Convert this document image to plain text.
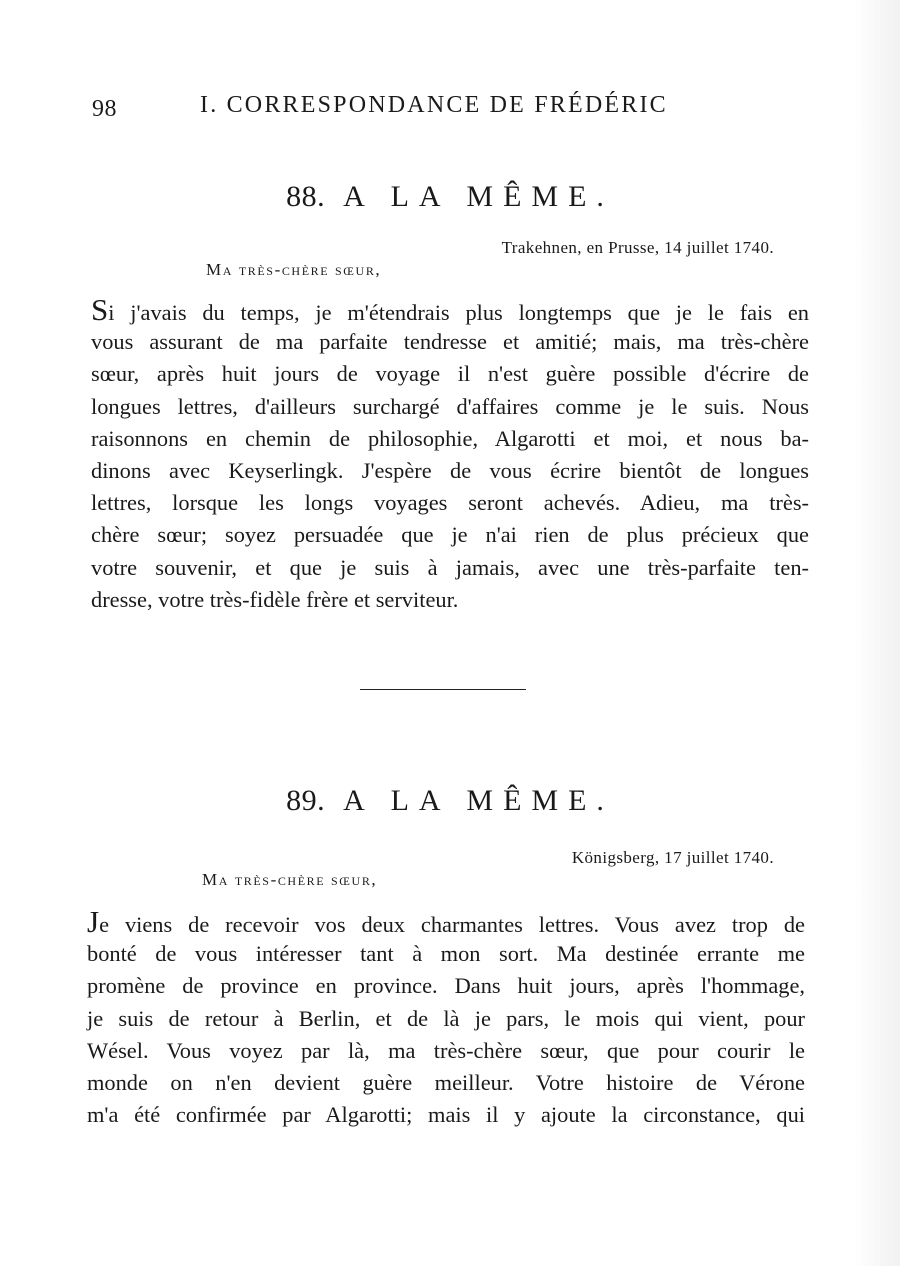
98	I. CORRESPONDANCE DE FRÉDÉRIC
88. A LA MÊME.
Trakehnen, en Prusse, 14 juillet 1740.
Ma très-chère sœur,
Si j'avais du temps, je m'étendrais plus longtemps que je le fais en
vous assurant de ma parfaite tendresse et amitié; mais, ma très-chère
sœur, après huit jours de voyage il n'est guère possible d'écrire de
longues lettres, d'ailleurs surchargé d'affaires comme je le suis. Nous
raisonnons en chemin de philosophie, Algarotti et moi, et nous ba-
dinons avec Keyserlingk. J'espère de vous écrire bientôt de longues
lettres, lorsque les longs voyages seront achevés. Adieu, ma très-
chère sœur; soyez persuadée que je n'ai rien de plus précieux que
votre souvenir, et que je suis à jamais, avec une très-parfaite ten-
dresse, votre très-fidèle frère et serviteur.
89. A LA MÊME.
Königsberg, 17 juillet 1740.
Ma très-chère sœur,
Je viens de recevoir vos deux charmantes lettres. Vous avez trop de
bonté de vous intéresser tant à mon sort. Ma destinée errante me
promène de province en province. Dans huit jours, après l'hommage,
je suis de retour à Berlin, et de là je pars, le mois qui vient, pour
Wésel. Vous voyez par là, ma très-chère sœur, que pour courir le
monde on n'en devient guère meilleur. Votre histoire de Vérone
m'a été confirmée par Algarotti; mais il y ajoute la circonstance, qui
